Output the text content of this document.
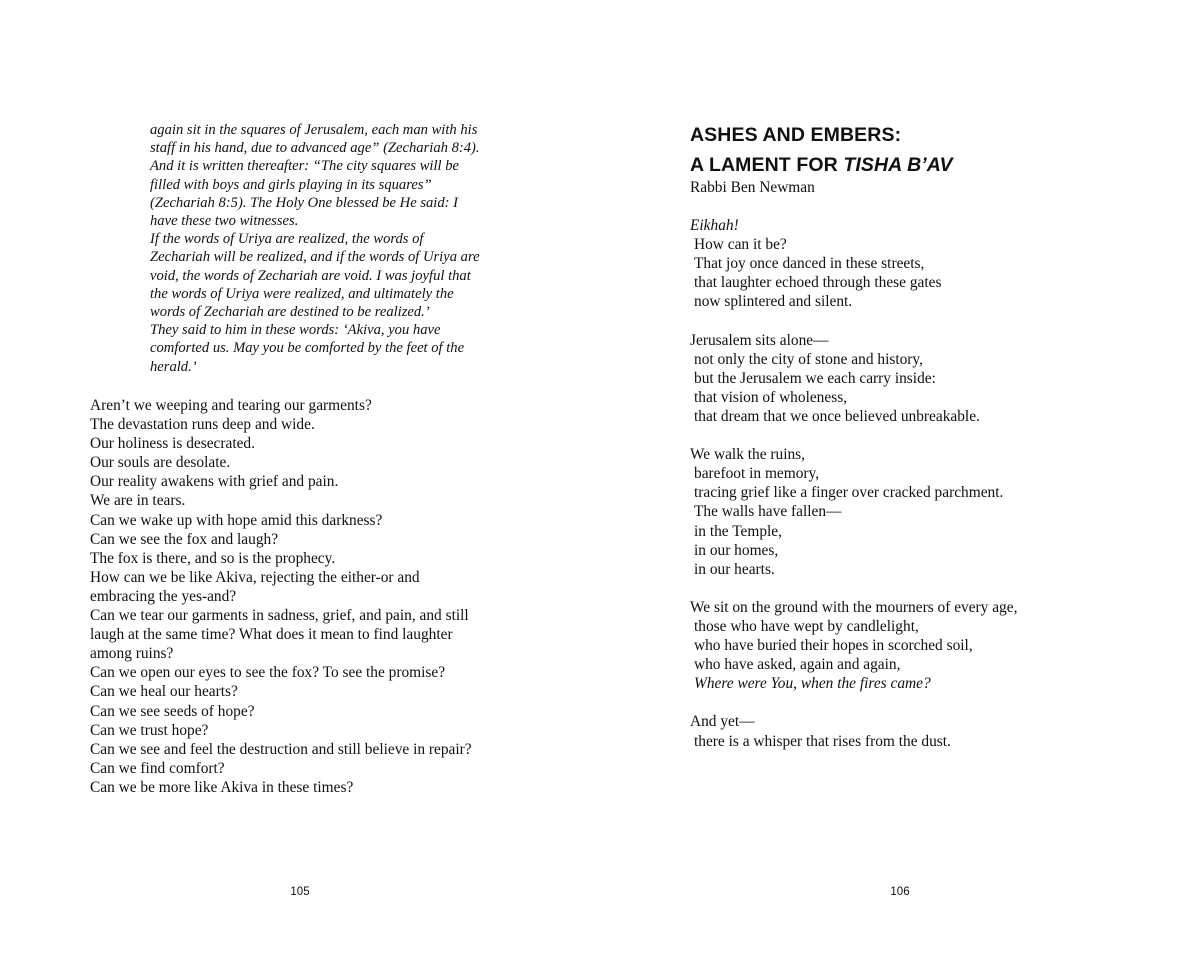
again sit in the squares of Jerusalem, each man with his
staff in his hand, due to advanced age” (Zechariah 8:4).
And it is written thereafter: “The city squares will be
filled with boys and girls playing in its squares”
(Zechariah 8:5). The Holy One blessed be He said: I
have these two witnesses.
If the words of Uriya are realized, the words of
Zechariah will be realized, and if the words of Uriya are
void, the words of Zechariah are void. I was joyful that
the words of Uriya were realized, and ultimately the
words of Zechariah are destined to be realized.’
They said to him in these words: ‘Akiva, you have
comforted us. May you be comforted by the feet of the
herald.’
Aren’t we weeping and tearing our garments?
The devastation runs deep and wide.
Our holiness is desecrated.
Our souls are desolate.
Our reality awakens with grief and pain.
We are in tears.
Can we wake up with hope amid this darkness?
Can we see the fox and laugh?
The fox is there, and so is the prophecy.
How can we be like Akiva, rejecting the either-or and
embracing the yes-and?
Can we tear our garments in sadness, grief, and pain, and still
laugh at the same time? What does it mean to find laughter
among ruins?
Can we open our eyes to see the fox? To see the promise?
Can we heal our hearts?
Can we see seeds of hope?
Can we trust hope?
Can we see and feel the destruction and still believe in repair?
Can we find comfort?
Can we be more like Akiva in these times?
105
ASHES AND EMBERS:
A LAMENT FOR TISHA B’AV
Rabbi Ben Newman
Eikhah!
How can it be?
That joy once danced in these streets,
that laughter echoed through these gates
now splintered and silent.
Jerusalem sits alone—
not only the city of stone and history,
but the Jerusalem we each carry inside:
that vision of wholeness,
that dream that we once believed unbreakable.
We walk the ruins,
barefoot in memory,
tracing grief like a finger over cracked parchment.
The walls have fallen—
in the Temple,
in our homes,
in our hearts.
We sit on the ground with the mourners of every age,
those who have wept by candlelight,
who have buried their hopes in scorched soil,
who have asked, again and again,
Where were You, when the fires came?
And yet—
there is a whisper that rises from the dust.
106
